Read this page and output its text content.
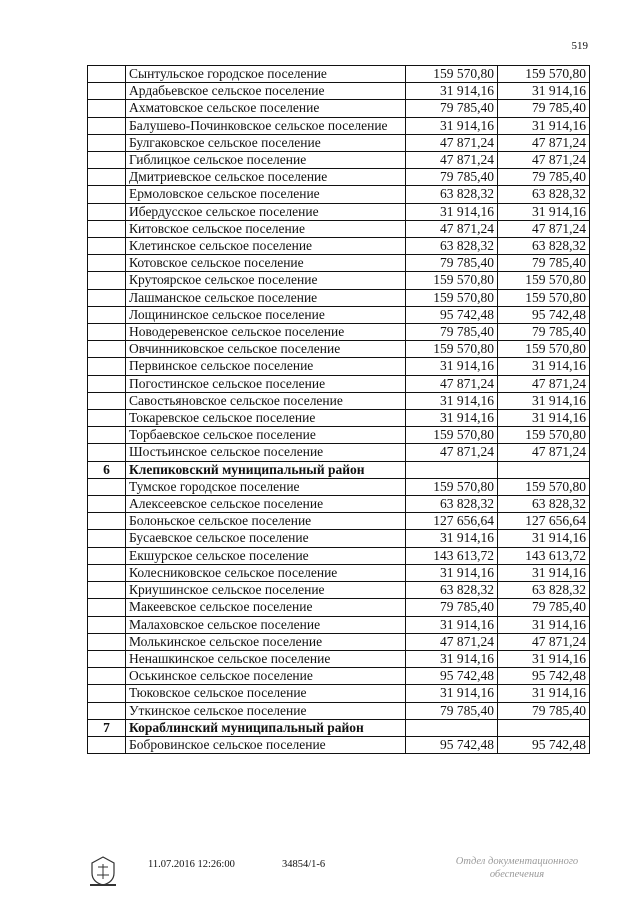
519
	Сынтульское городское поселение	159 570,80	159 570,80
	Ардабьевское сельское поселение	31 914,16	31 914,16
	Ахматовское сельское поселение	79 785,40	79 785,40
	Балушево-Починковское сельское поселение	31 914,16	31 914,16
	Булгаковское сельское поселение	47 871,24	47 871,24
	Гиблицкое сельское поселение	47 871,24	47 871,24
	Дмитриевское сельское поселение	79 785,40	79 785,40
	Ермоловское сельское поселение	63 828,32	63 828,32
	Ибердусское сельское поселение	31 914,16	31 914,16
	Китовское сельское поселение	47 871,24	47 871,24
	Клетинское сельское поселение	63 828,32	63 828,32
	Котовское сельское поселение	79 785,40	79 785,40
	Крутоярское сельское поселение	159 570,80	159 570,80
	Лашманское сельское поселение	159 570,80	159 570,80
	Лощининское сельское поселение	95 742,48	95 742,48
	Новодеревенское сельское поселение	79 785,40	79 785,40
	Овчинниковское сельское поселение	159 570,80	159 570,80
	Первинское сельское поселение	31 914,16	31 914,16
	Погостинское сельское поселение	47 871,24	47 871,24
	Савостьяновское сельское поселение	31 914,16	31 914,16
	Токаревское сельское поселение	31 914,16	31 914,16
	Торбаевское сельское поселение	159 570,80	159 570,80
	Шостьинское сельское поселение	47 871,24	47 871,24
6	Клепиковский муниципальный район		
	Тумское городское поселение	159 570,80	159 570,80
	Алексеевское сельское поселение	63 828,32	63 828,32
	Болоньское сельское поселение	127 656,64	127 656,64
	Бусаевское сельское поселение	31 914,16	31 914,16
	Екшурское сельское поселение	143 613,72	143 613,72
	Колесниковское сельское поселение	31 914,16	31 914,16
	Криушинское сельское поселение	63 828,32	63 828,32
	Макеевское сельское поселение	79 785,40	79 785,40
	Малаховское сельское поселение	31 914,16	31 914,16
	Молькинское сельское поселение	47 871,24	47 871,24
	Ненашкинское сельское поселение	31 914,16	31 914,16
	Оськинское сельское поселение	95 742,48	95 742,48
	Тюковское сельское поселение	31 914,16	31 914,16
	Уткинское сельское поселение	79 785,40	79 785,40
7	Кораблинский муниципальный район		
	Бобровинское сельское поселение	95 742,48	95 742,48
11.07.2016 12:26:00	34854/1-6	Отдел документационного
обеспечения
